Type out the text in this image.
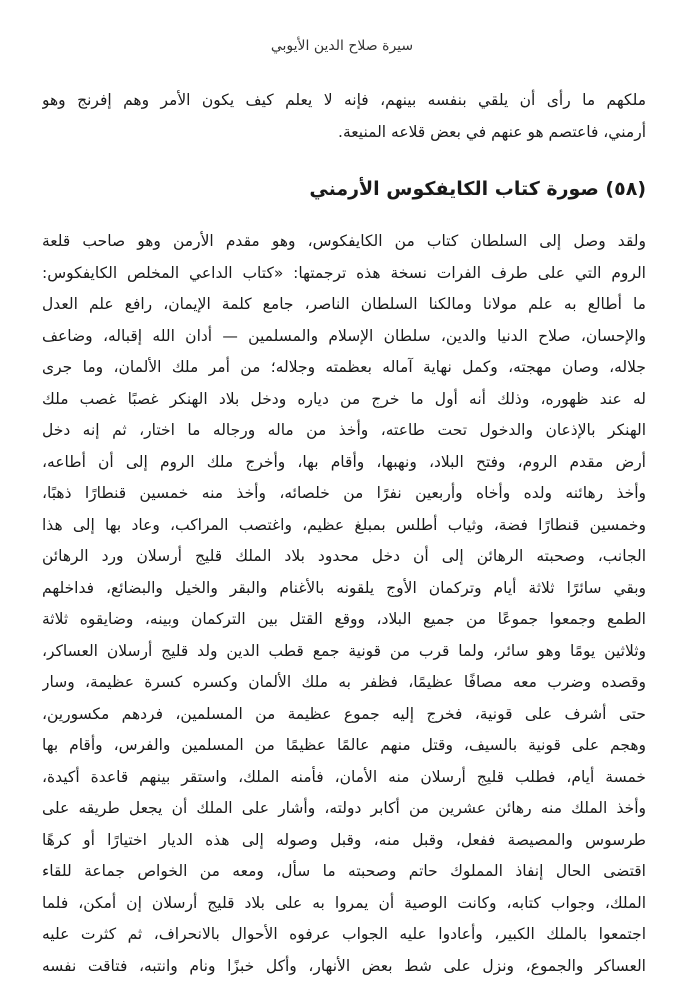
سيرة صلاح الدين الأيوبي
ملكهم ما رأى أن يلقي بنفسه بينهم، فإنه لا يعلم كيف يكون الأمر وهم إفرنج وهو
أرمني، فاعتصم هو عنهم في بعض قلاعه المنيعة.
(٥٨) صورة كتاب الكايفكوس الأرمني
ولقد وصل إلى السلطان كتاب من الكايفكوس، وهو مقدم الأرمن وهو صاحب قلعة
الروم التي على طرف الفرات نسخة هذه ترجمتها: «كتاب الداعي المخلص الكايفكوس:
ما أطالع به علم مولانا ومالكنا السلطان الناصر، جامع كلمة الإيمان، رافع علم العدل
والإحسان، صلاح الدنيا والدين، سلطان الإسلام والمسلمين — أدان الله إقباله، وضاعف
جلاله، وصان مهجته، وكمل نهاية آماله بعظمته وجلاله؛ من أمر ملك الألمان، وما جرى
له عند ظهوره، وذلك أنه أول ما خرج من دياره ودخل بلاد الهنكر غصبًا غصب ملك
الهنكر بالإذعان والدخول تحت طاعته، وأخذ من ماله ورجاله ما اختار، ثم إنه دخل
أرض مقدم الروم، وفتح البلاد، ونهبها، وأقام بها، وأخرج ملك الروم إلى أن أطاعه،
وأخذ رهائنه ولده وأخاه وأربعين نفرًا من خلصائه، وأخذ منه خمسين قنطارًا ذهبًا،
وخمسين قنطارًا فضة، وثياب أطلس بمبلغ عظيم، واغتصب المراكب، وعاد بها إلى هذا
الجانب، وصحبته الرهائن إلى أن دخل محدود بلاد الملك قليج أرسلان ورد الرهائن
وبقي سائرًا ثلاثة أيام وتركمان الأوج يلقونه بالأغنام والبقر والخيل والبضائع، فداخلهم
الطمع وجمعوا جموعًا من جميع البلاد، ووقع القتل بين التركمان وبينه، وضايقوه ثلاثة
وثلاثين يومًا وهو سائر، ولما قرب من قونية جمع قطب الدين ولد قليج أرسلان العساكر،
وقصده وضرب معه مصافًا عظيمًا، فظفر به ملك الألمان وكسره كسرة عظيمة، وسار
حتى أشرف على قونية، فخرج إليه جموع عظيمة من المسلمين، فردهم مكسورين،
وهجم على قونية بالسيف، وقتل منهم عالمًا عظيمًا من المسلمين والفرس، وأقام بها
خمسة أيام، فطلب قليج أرسلان منه الأمان، فأمنه الملك، واستقر بينهم قاعدة أكيدة،
وأخذ الملك منه رهائن عشرين من أكابر دولته، وأشار على الملك أن يجعل طريقه على
طرسوس والمصيصة ففعل، وقبل منه، وقبل وصوله إلى هذه الديار اختيارًا أو كرهًا
اقتضى الحال إنفاذ المملوك حاتم وصحبته ما سأل، ومعه من الخواص جماعة للقاء
الملك، وجواب كتابه، وكانت الوصية أن يمروا به على بلاد قليج أرسلان إن أمكن، فلما
اجتمعوا بالملك الكبير، وأعادوا عليه الجواب عرفوه الأحوال بالانحراف، ثم كثرت عليه
العساكر والجموع، ونزل على شط بعض الأنهار، وأكل خبزًا ونام وانتبه، فتاقت نفسه
